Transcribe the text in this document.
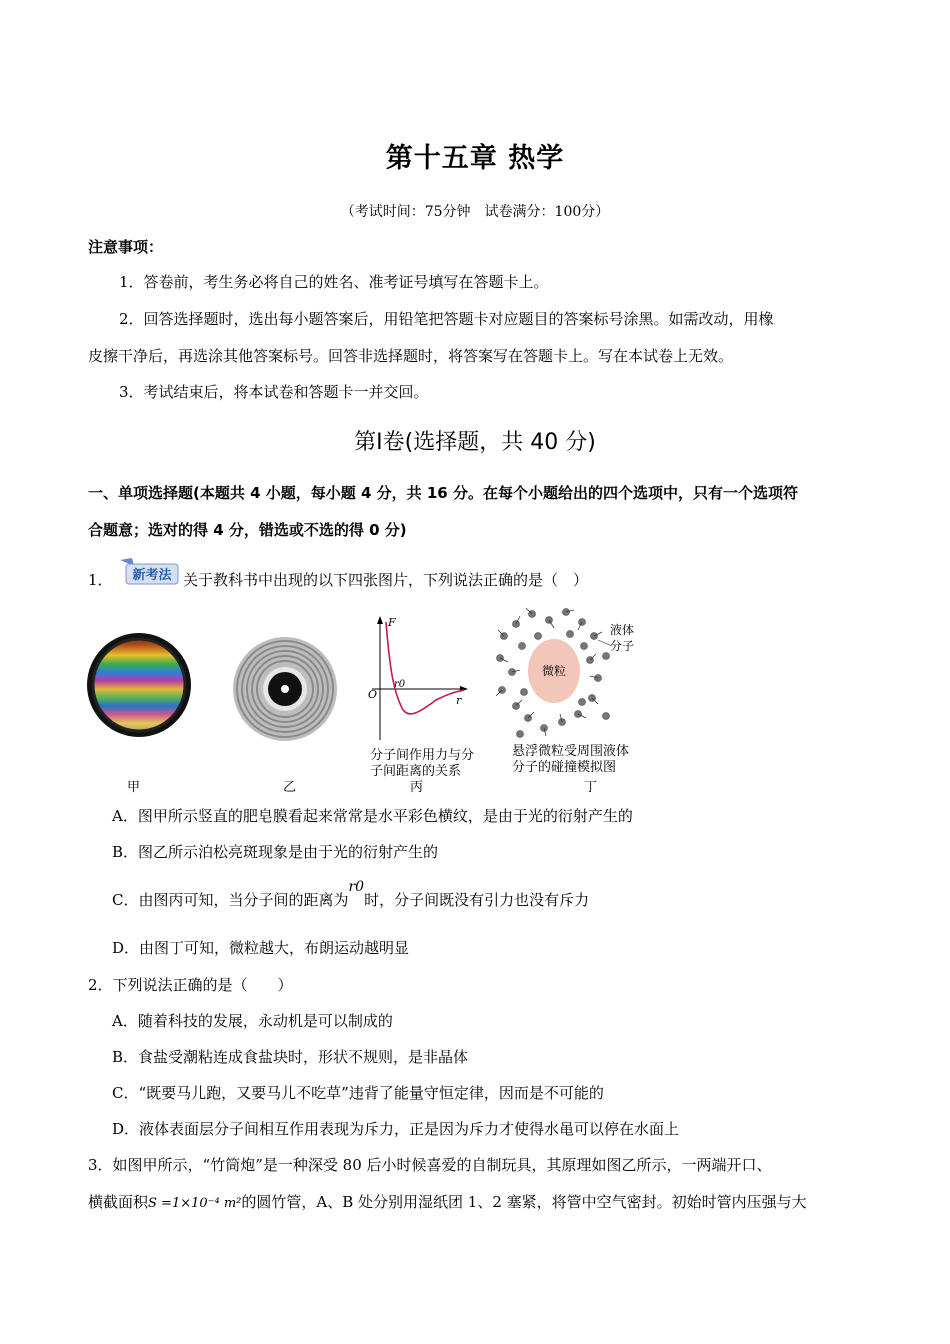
第十五章 热学
（考试时间：75分钟　试卷满分：100分）
注意事项：
1．答卷前，考生务必将自己的姓名、准考证号填写在答题卡上。
2．回答选择题时，选出每小题答案后，用铅笔把答题卡对应题目的答案标号涂黑。如需改动，用橡
皮擦干净后，再选涂其他答案标号。回答非选择题时，将答案写在答题卡上。写在本试卷上无效。
3．考试结束后，将本试卷和答题卡一并交回。
第Ⅰ卷(选择题，共 40 分)
一、单项选择题(本题共 4 小题，每小题 4 分，共 16 分。在每个小题给出的四个选项中，只有一个选项符
合题意；选对的得 4 分，错选或不选的得 0 分)
1． 新考法 关于教科书中出现的以下四张图片，下列说法正确的是（　）
F
O
r0
r
分子间作用力与分
子间距离的关系
微粒
液体
分子
悬浮微粒受周围液体
分子的碰撞模拟图
甲	乙	丙	丁
A．图甲所示竖直的肥皂膜看起来常常是水平彩色横纹，是由于光的衍射产生的
B．图乙所示泊松亮斑现象是由于光的衍射产生的
C．由图丙可知，当分子间的距离为r0时，分子间既没有引力也没有斥力
D．由图丁可知，微粒越大，布朗运动越明显
2．下列说法正确的是（　　）
A．随着科技的发展，永动机是可以制成的
B．食盐受潮粘连成食盐块时，形状不规则，是非晶体
C．“既要马儿跑，又要马儿不吃草”违背了能量守恒定律，因而是不可能的
D．液体表面层分子间相互作用表现为斥力，正是因为斥力才使得水黾可以停在水面上
3．如图甲所示，“竹筒炮”是一种深受 80 后小时候喜爱的自制玩具，其原理如图乙所示，一两端开口、
横截面积S =1×10⁻⁴ m²的圆竹管，A、B 处分别用湿纸团 1、2 塞紧，将管中空气密封。初始时管内压强与大
